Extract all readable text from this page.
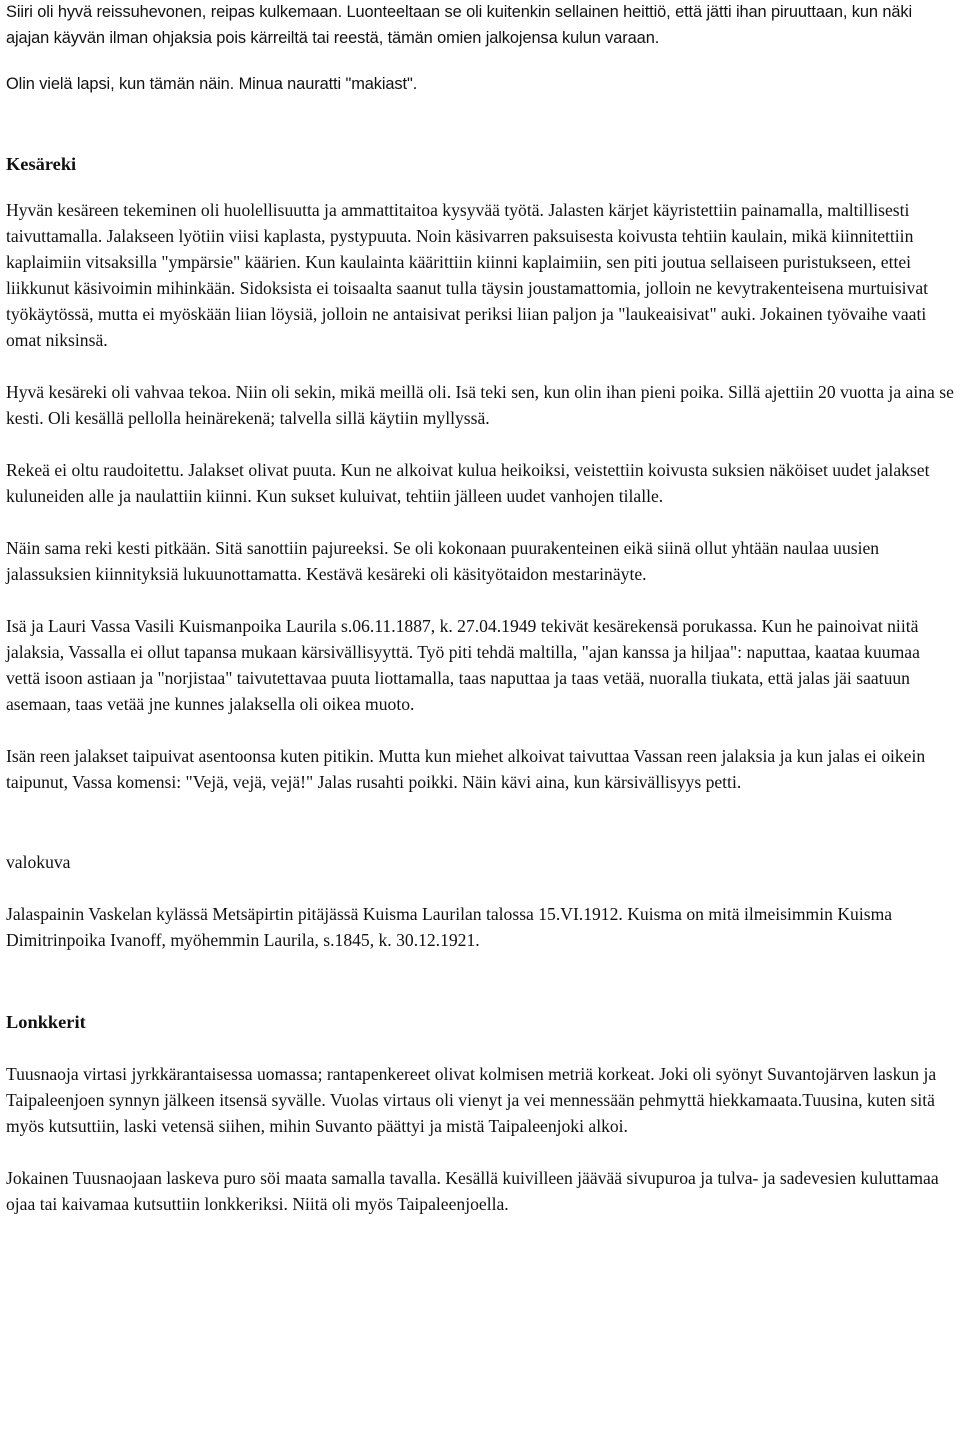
Siiri oli hyvä reissuhevonen, reipas kulkemaan. Luonteeltaan se oli kuitenkin sellainen heittiö, että jätti ihan piruuttaan, kun näki ajajan käyvän ilman ohjaksia pois kärreiltä tai reestä, tämän omien jalkojensa kulun varaan.

Olin vielä lapsi, kun tämän näin. Minua nauratti "makiast".

Kesäreki

Hyvän kesäreen tekeminen oli huolellisuutta ja ammattitaitoa kysyvää työtä. Jalasten kärjet käyristettiin painamalla, maltillisesti taivuttamalla. Jalakseen lyötiin viisi kaplasta, pystypuuta. Noin käsivarren paksuisesta koivusta tehtiin kaulain, mikä kiinnitettiin kaplaimiin vitsaksilla "ympärsie" käärien. Kun kaulainta käärittiin kiinni kaplaimiin, sen piti joutua sellaiseen puristukseen, ettei liikkunut käsivoimin mihinkään. Sidoksista ei toisaalta saanut tulla täysin joustamattomia, jolloin ne kevytrakenteisena murtuisivat työkäytössä, mutta ei myöskään liian löysiä, jolloin ne antaisivat periksi liian paljon ja "laukeaisivat" auki. Jokainen työvaihe vaati omat niksinsä.

Hyvä kesäreki oli vahvaa tekoa. Niin oli sekin, mikä meillä oli. Isä teki sen, kun olin ihan pieni poika. Sillä ajettiin 20 vuotta ja aina se kesti. Oli kesällä pellolla heinärekenä; talvella sillä käytiin myllyssä.

Rekeä ei oltu raudoitettu. Jalakset olivat puuta. Kun ne alkoivat kulua heikoiksi, veistettiin koivusta suksien näköiset uudet jalakset kuluneiden alle ja naulattiin kiinni. Kun sukset kuluivat, tehtiin jälleen uudet vanhojen tilalle.

Näin sama reki kesti pitkään. Sitä sanottiin pajureeksi. Se oli kokonaan puurakenteinen eikä siinä ollut yhtään naulaa uusien jalassuksien kiinnityksiä lukuunottamatta. Kestävä kesäreki oli käsityötaidon mestarinäyte.

Isä ja Lauri Vassa Vasili Kuismanpoika Laurila s.06.11.1887, k. 27.04.1949 tekivät kesärekensä porukassa. Kun he painoivat niitä jalaksia, Vassalla ei ollut tapansa mukaan kärsivällisyyttä. Työ piti tehdä maltilla, "ajan kanssa ja hiljaa": naputtaa, kaataa kuumaa vettä isoon astiaan ja "norjistaa" taivutettavaa puuta liottamalla, taas naputtaa ja taas vetää, nuoralla tiukata, että jalas jäi saatuun asemaan, taas vetää jne kunnes jalaksella oli oikea muoto.

Isän reen jalakset taipuivat asentoonsa kuten pitikin. Mutta kun miehet alkoivat taivuttaa Vassan reen jalaksia ja kun jalas ei oikein taipunut, Vassa komensi: "Vejä, vejä, vejä!" Jalas rusahti poikki. Näin kävi aina, kun kärsivällisyys petti.

valokuva

Jalaspainin Vaskelan kylässä Metsäpirtin pitäjässä Kuisma Laurilan talossa 15.VI.1912. Kuisma on mitä ilmeisimmin Kuisma Dimitrinpoika Ivanoff, myöhemmin Laurila, s.1845, k. 30.12.1921.

Lonkkerit

Tuusnaoja virtasi jyrkkärantaisessa uomassa; rantapenkereet olivat kolmisen metriä korkeat. Joki oli syönyt Suvantojärven laskun ja Taipaleenjoen synnyn jälkeen itsensä syvälle. Vuolas virtaus oli vienyt ja vei mennessään pehmyttä hiekkamaata.Tuusina, kuten sitä myös kutsuttiin, laski vetensä siihen, mihin Suvanto päättyi ja mistä Taipaleenjoki alkoi.

Jokainen Tuusnaojaan laskeva puro söi maata samalla tavalla. Kesällä kuivilleen jäävää sivupuroa ja tulva- ja sadevesien kuluttamaa ojaa tai kaivamaa kutsuttiin lonkkeriksi. Niitä oli myös Taipaleenjoella.
